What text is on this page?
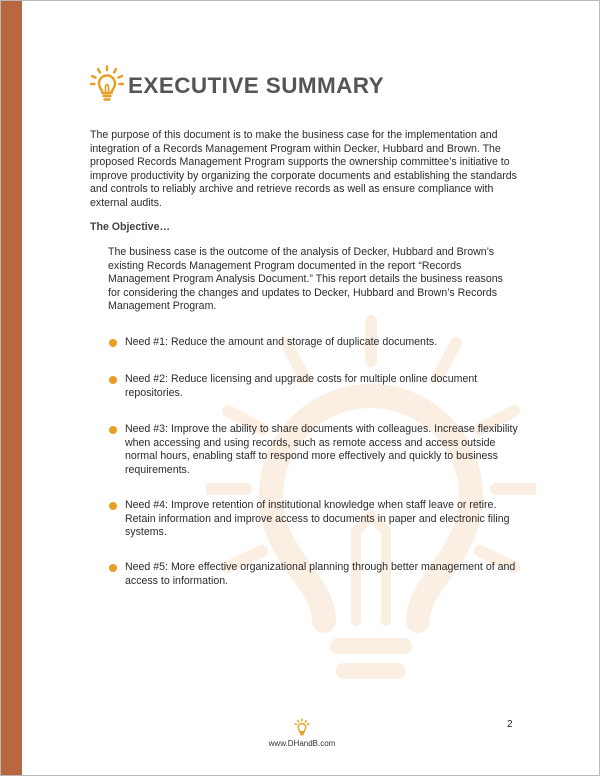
EXECUTIVE SUMMARY

The purpose of this document is to make the business case for the implementation and integration of a Records Management Program within Decker, Hubbard and Brown. The proposed Records Management Program supports the ownership committee’s initiative to improve productivity by organizing the corporate documents and establishing the standards and controls to reliably archive and retrieve records as well as ensure compliance with external audits.

The Objective…

The business case is the outcome of the analysis of Decker, Hubbard and Brown’s existing Records Management Program documented in the report “Records Management Program Analysis Document.” This report details the business reasons for considering the changes and updates to Decker, Hubbard and Brown’s Records Management Program.

Need #1: Reduce the amount and storage of duplicate documents.

Need #2: Reduce licensing and upgrade costs for multiple online document repositories.

Need #3: Improve the ability to share documents with colleagues. Increase flexibility when accessing and using records, such as remote access and access outside normal hours, enabling staff to respond more effectively and quickly to business requirements.

Need #4: Improve retention of institutional knowledge when staff leave or retire. Retain information and improve access to documents in paper and electronic filing systems.

Need #5: More effective organizational planning through better management of and access to information.

2

www.DHandB.com
